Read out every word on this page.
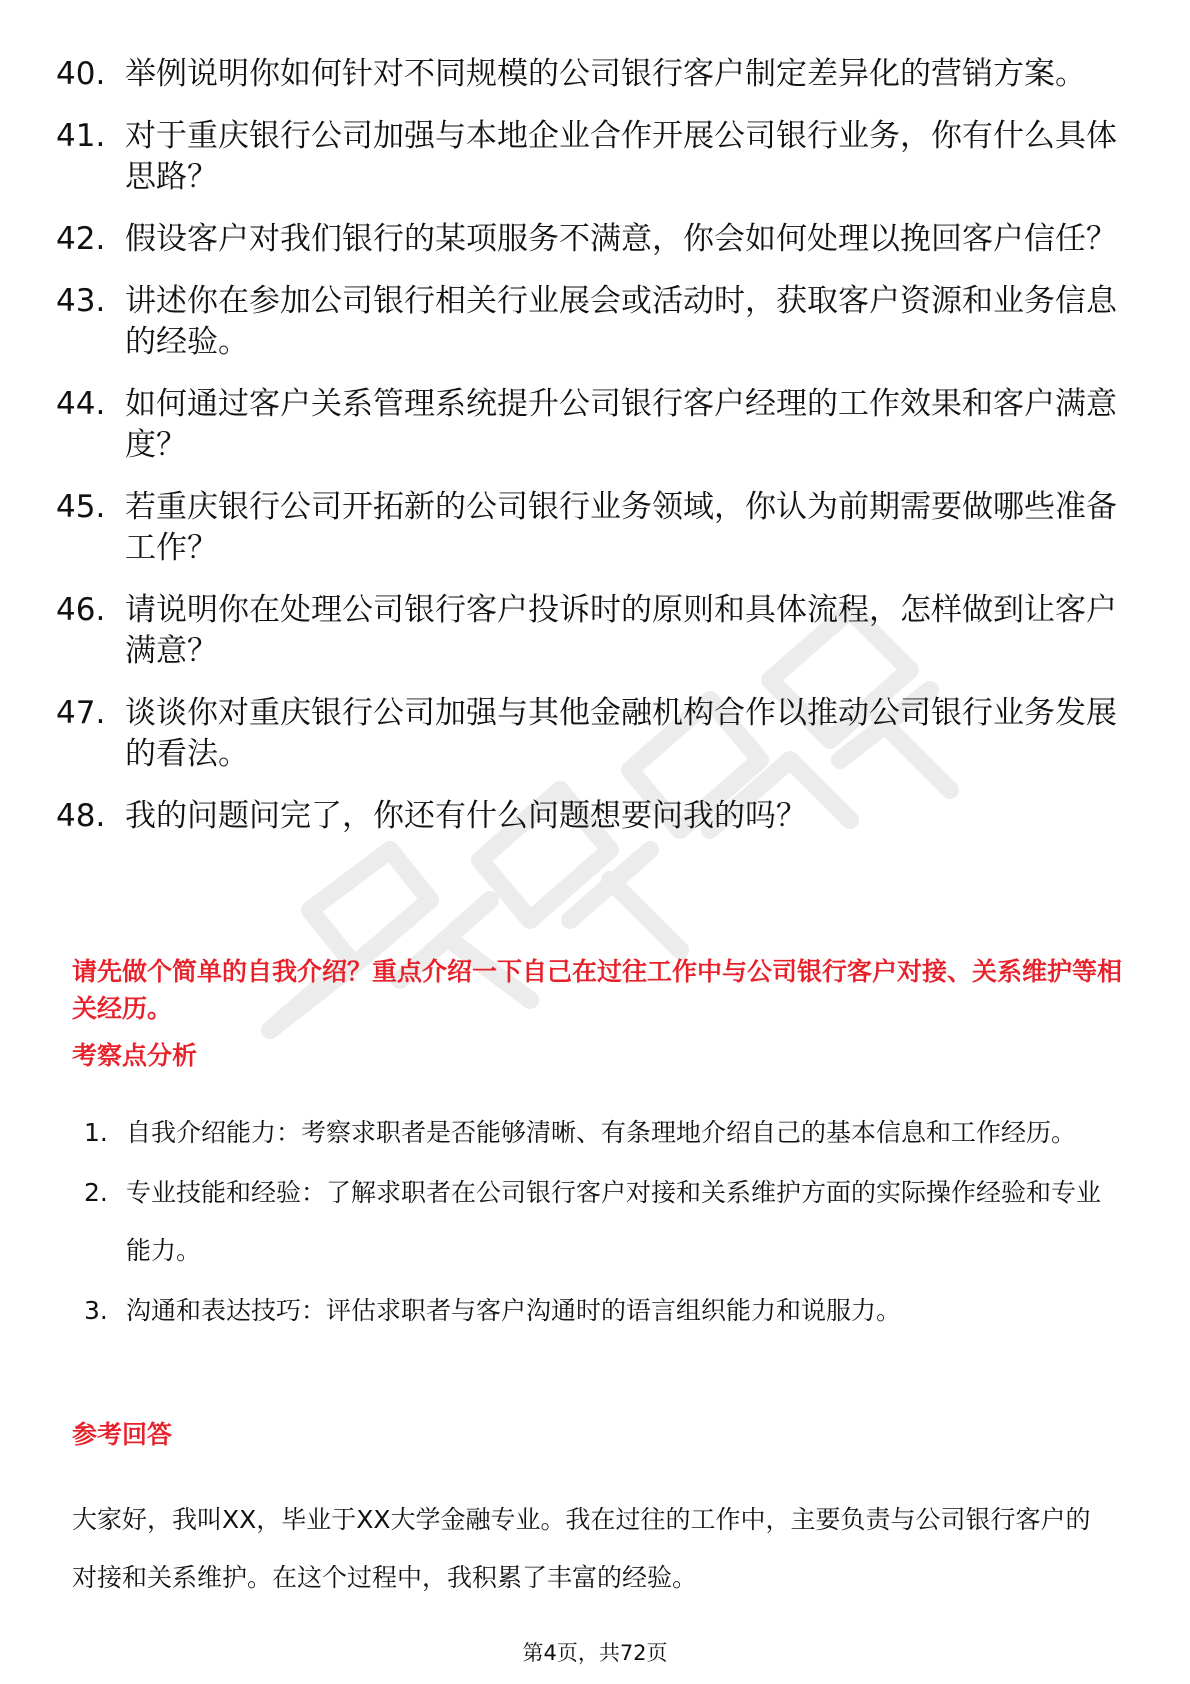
40. 举例说明你如何针对不同规模的公司银行客户制定差异化的营销方案。
41. 对于重庆银行公司加强与本地企业合作开展公司银行业务，你有什么具体思路？
42. 假设客户对我们银行的某项服务不满意，你会如何处理以挽回客户信任？
43. 讲述你在参加公司银行相关行业展会或活动时，获取客户资源和业务信息的经验。
44. 如何通过客户关系管理系统提升公司银行客户经理的工作效果和客户满意度？
45. 若重庆银行公司开拓新的公司银行业务领域，你认为前期需要做哪些准备工作？
46. 请说明你在处理公司银行客户投诉时的原则和具体流程，怎样做到让客户满意？
47. 谈谈你对重庆银行公司加强与其他金融机构合作以推动公司银行业务发展的看法。
48. 我的问题问完了，你还有什么问题想要问我的吗？
请先做个简单的自我介绍？重点介绍一下自己在过往工作中与公司银行客户对接、关系维护等相关经历。
考察点分析
1. 自我介绍能力：考察求职者是否能够清晰、有条理地介绍自己的基本信息和工作经历。
2. 专业技能和经验：了解求职者在公司银行客户对接和关系维护方面的实际操作经验和专业能力。
3. 沟通和表达技巧：评估求职者与客户沟通时的语言组织能力和说服力。
参考回答
大家好，我叫XX，毕业于XX大学金融专业。我在过往的工作中，主要负责与公司银行客户的对接和关系维护。在这个过程中，我积累了丰富的经验。
第4页，共72页
